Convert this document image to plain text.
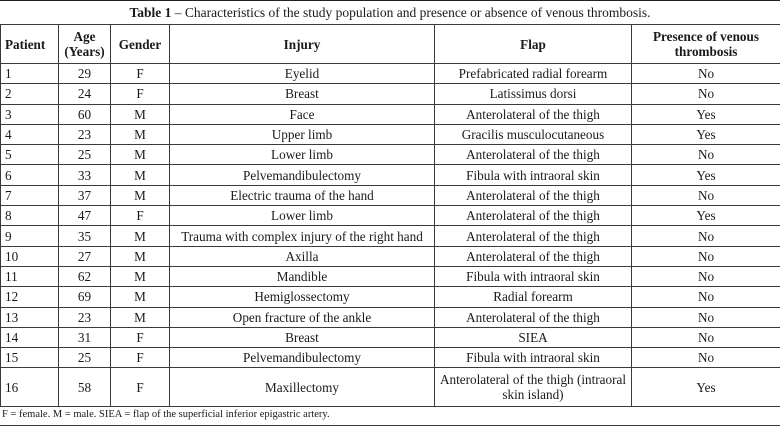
Table 1 – Characteristics of the study population and presence or absence of venous thrombosis.
Patient	Age (Years)	Gender	Injury	Flap	Presence of venous thrombosis
1	29	F	Eyelid	Prefabricated radial forearm	No
2	24	F	Breast	Latissimus dorsi	No
3	60	M	Face	Anterolateral of the thigh	Yes
4	23	M	Upper limb	Gracilis musculocutaneous	Yes
5	25	M	Lower limb	Anterolateral of the thigh	No
6	33	M	Pelvemandibulectomy	Fibula with intraoral skin	Yes
7	37	M	Electric trauma of the hand	Anterolateral of the thigh	No
8	47	F	Lower limb	Anterolateral of the thigh	Yes
9	35	M	Trauma with complex injury of the right hand	Anterolateral of the thigh	No
10	27	M	Axilla	Anterolateral of the thigh	No
11	62	M	Mandible	Fibula with intraoral skin	No
12	69	M	Hemiglossectomy	Radial forearm	No
13	23	M	Open fracture of the ankle	Anterolateral of the thigh	No
14	31	F	Breast	SIEA	No
15	25	F	Pelvemandibulectomy	Fibula with intraoral skin	No
16	58	F	Maxillectomy	Anterolateral of the thigh (intraoral skin island)	Yes
F = female. M = male. SIEA = flap of the superficial inferior epigastric artery.
